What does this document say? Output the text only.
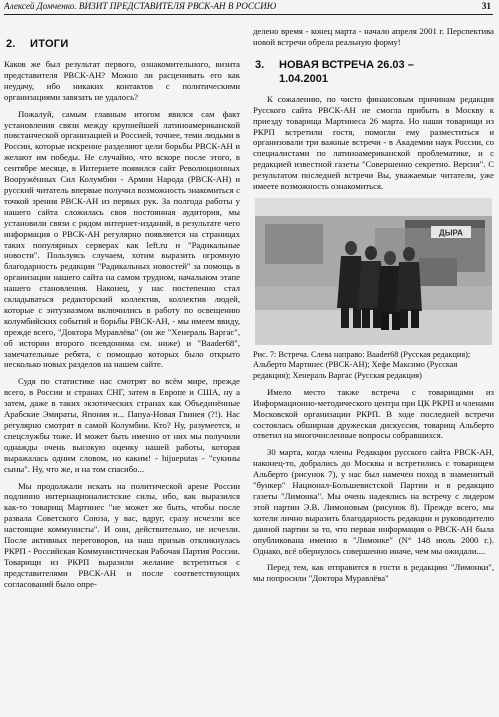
Алексей Домченко. ВИЗИТ ПРЕДСТАВИТЕЛЯ РВСК-АН В РОССИЮ	31
2. ИТОГИ

Каков же был результат первого, ознакомительного, визита представителя РВСК-АН? Можно ли расценивать его как неудачу, ибо никаких контактов с политическими организациями завязать не удалось?

Пожалуй, самым главным итогом явился сам факт установления связи между крупнейшей латиноамериканской повстанческой организацией и Россией, точнее, теми людьми в России, которые искренне разделяют цели борьбы РВСК-АН и желают им победы. Не случайно, что вскоре после этого, в сентябре месяце, в Интернете появился сайт Революционных Вооружённых Сил Колумбии - Армии Народа (РВСК-АН) и русский читатель впервые получил возможность знакомиться с точкой зрения РВСК-АН из первых рук. За полгода работы у нашего сайта сложилась своя постоянная аудитория, мы установили связи с рядом интернет-изданий, в результате чего информация о РВСК-АН регулярно появляется на страницах таких популярных серверах как left.ru и "Радикальные новости". Пользуясь случаем, хотим выразить огромную благодарность редакции "Радикальных новостей" за помощь в организации нашего сайта на самом трудном, начальном этапе нашего становления. Наконец, у нас постепенно стал складываться редакторский коллектив, коллектив людей, которые с энтузиазмом включились в работу по освещению колумбийских событий и борьбы РВСК-АН, - мы имеем ввиду, прежде всего, "Доктора Муравлёва" (он же "Хенераль Варгас", об истории второго псевдонима см. ниже) и "Baader68", замечательные ребята, с помощью которых было открыто несколько новых разделов на нашем сайте.

Судя по статистике нас смотрят во всём мире, прежде всего, в России и странах СНГ, затем в Европе и США, ну а затем, даже в таких экзотических странах как Объединённые Арабские Эмираты, Япония и... Папуа-Новая Гвинея (?!). Нас регулярно смотрят в самой Колумбии. Кто? Ну, разумеется, и спецслужбы тоже. И может быть именно от них мы получили однажды очень высокую оценку нашей работы, которая выражалась одним словом, но каким! - hijueputas - "сукины сыны". Ну, что же, и на том спасибо...

Мы продолжали искать на политической арене России подлинно интернационалистские силы, ибо, как выразился как-то товарищ Мартинес "не может же быть, чтобы после развала Советского Союза, у вас, вдруг, сразу исчезли все настоящие коммунисты". И они, действительно, не исчезли. После активных переговоров, на наш призыв откликнулась РКРП - Российская Коммунистическая Рабочая Партия России. Товарищи из РКРП выразили желание встретиться с представителями РВСК-АН и после соответствующих согласований было опре-

делено время - конец марта - начало апреля 2001 г. Перспектива новой встречи обрела реальную форму!

3. НОВАЯ ВСТРЕЧА 26.03 –
1.04.2001

К сожалению, по чисто финансовым причинам редакция Русского сайта РВСК-АН не смогла прибыть в Москву к приезду товарища Мартинеса 26 марта. Но наши товарищи из РКРП встретили гостя, помогли ему разместиться и организовали три важные встречи - в Академии наук России, со специалистами по латиноамериканской проблематике, и с редакцией известной газеты "Совершенно секретно. Версия". С результатом последней встречи Вы, уважаемые читатели, уже имеете возможность ознакомиться.

ДЫРА

Рис. 7: Встреча. Слева направо: Baader68 (Русская редакция); Альберто Мартинес (РВСК-АН); Хефе Максимо (Русская редакция); Хенераль Варгас (Русская редакция)

Имело место также встреча с товарищами из Информационно-методического центра при ЦК РКРП и членами Московской организации РКРП. В ходе последней встречи состоялась обширная дружеская дискуссия, товарищ Альберто ответил на многочисленные вопросы собравшихся.

30 марта, когда члены Редакции русского сайта РВСК-АН, наконец-то, добрались до Москвы и встретились с товарищем Альберто (рисунок 7), у нас был намечен поход в знаменитый "бункер" Национал-Большевистской Партии и в редакцию газеты "Лимонка". Мы очень надеялись на встречу с лидером этой партии Э.В. Лимоновым (рисунок 8). Прежде всего, мы хотели лично выразить благодарность редакции и руководителю данной партии за то, что первая информация о РВСК-АН была опубликована именно в "Лимонке" (N° 148 июль 2000 г.). Однако, всё обернулось совершенно иначе, чем мы ожидали....

Перед тем, как отправится в гости в редакцию "Лимонки", мы попросили "Доктора Муравлёва"
